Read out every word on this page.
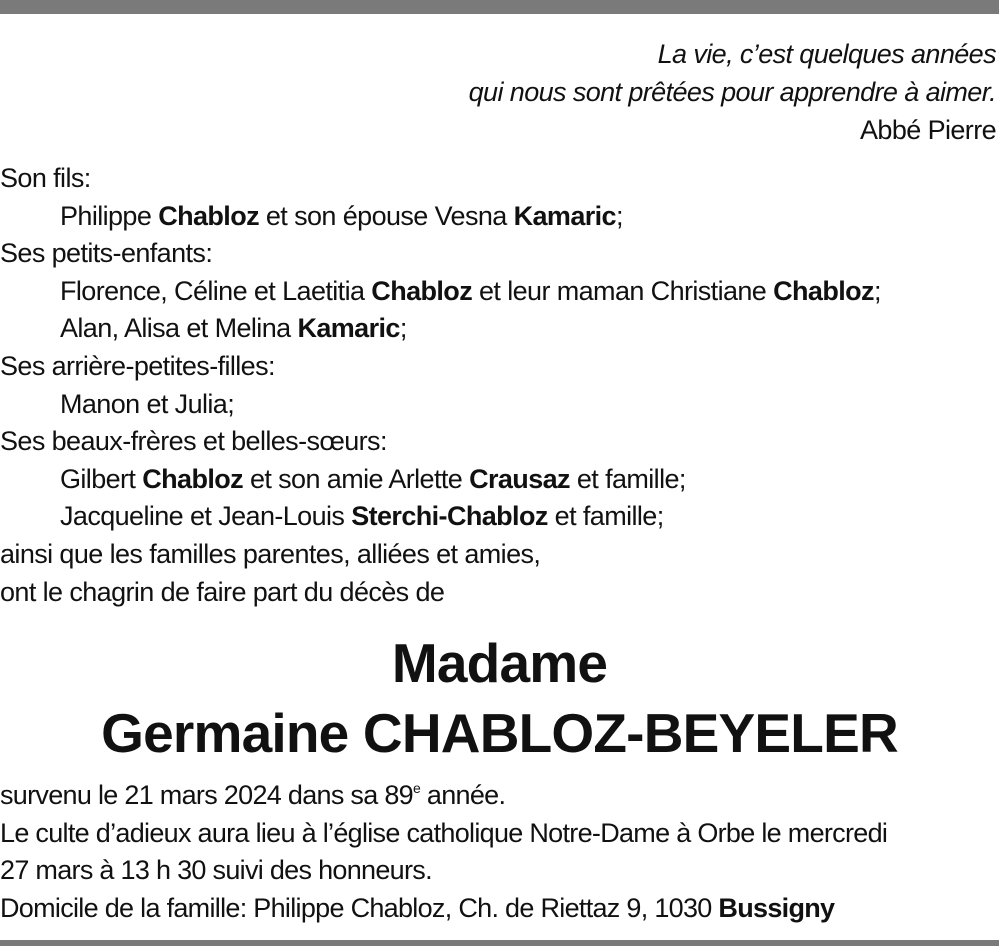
La vie, c’est quelques années
qui nous sont prêtées pour apprendre à aimer.
Abbé Pierre
Son fils:
Philippe Chabloz et son épouse Vesna Kamaric;
Ses petits-enfants:
Florence, Céline et Laetitia Chabloz et leur maman Christiane Chabloz;
Alan, Alisa et Melina Kamaric;
Ses arrière-petites-filles:
Manon et Julia;
Ses beaux-frères et belles-sœurs:
Gilbert Chabloz et son amie Arlette Crausaz et famille;
Jacqueline et Jean-Louis Sterchi-Chabloz et famille;
ainsi que les familles parentes, alliées et amies,
ont le chagrin de faire part du décès de
Madame
Germaine CHABLOZ-BEYELER
survenu le 21 mars 2024 dans sa 89e année.
Le culte d’adieux aura lieu à l’église catholique Notre-Dame à Orbe le mercredi
27 mars à 13 h 30 suivi des honneurs.
Domicile de la famille: Philippe Chabloz, Ch. de Riettaz 9, 1030 Bussigny
